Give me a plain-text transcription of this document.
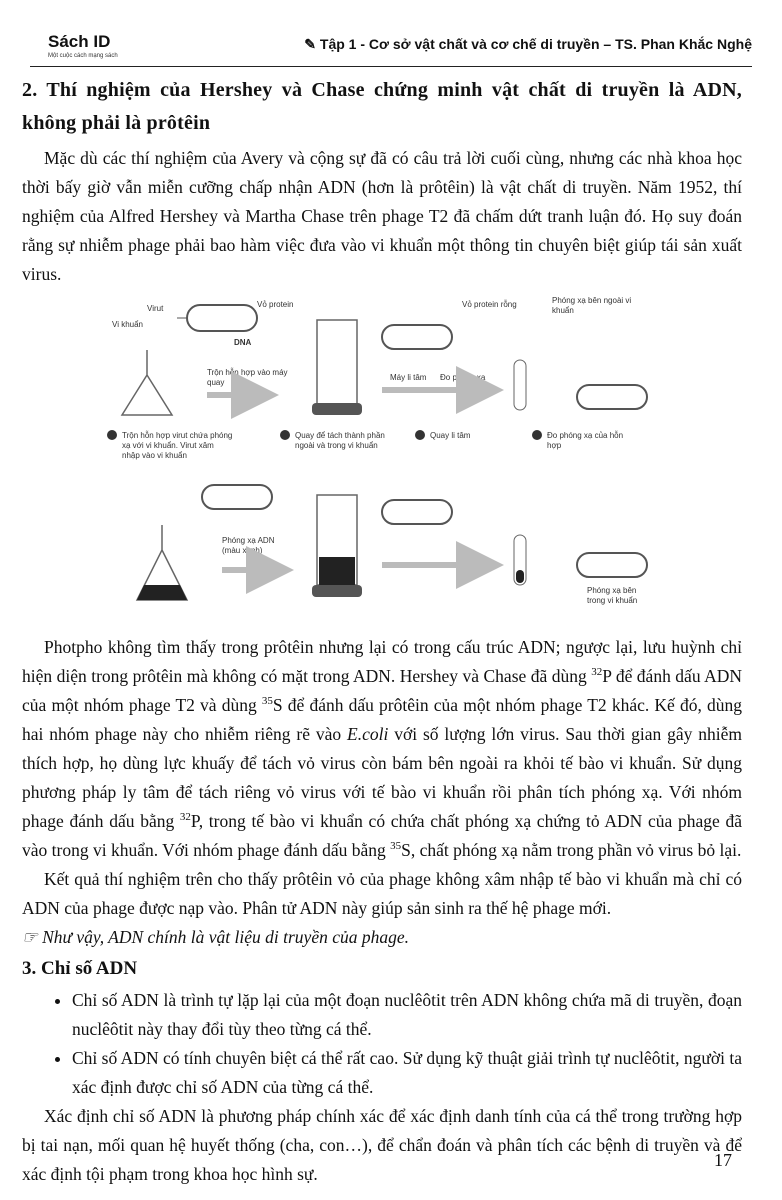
Sách ID
Một cuộc cách mạng sách
✎ Tập 1 - Cơ sở vật chất và cơ chế di truyền – TS. Phan Khắc Nghệ
2. Thí nghiệm của Hershey và Chase chứng minh vật chất di truyền là ADN, không phải là prôtêin

Mặc dù các thí nghiệm của Avery và cộng sự đã có câu trả lời cuối cùng, nhưng các nhà khoa học thời bấy giờ vẫn miễn cưỡng chấp nhận ADN (hơn là prôtêin) là vật chất di truyền. Năm 1952, thí nghiệm của Alfred Hershey và Martha Chase trên phage T2 đã chấm dứt tranh luận đó. Họ suy đoán rằng sự nhiễm phage phải bao hàm việc đưa vào vi khuẩn một thông tin chuyên biệt giúp tái sản xuất virus.

Virut	Vỏ protein
Vi khuẩn
DNA
Trộn hỗn hợp vào máy
quay
Vỏ protein rỗng	Phóng xạ bên ngoài vi
khuẩn
Máy li tâm Đo phóng xạ
Trộn hỗn hợp virut chứa phóng
xạ với vi khuẩn. Virut xâm
nhập vào vi khuẩn
Quay để tách thành phần
ngoài và trong vi khuẩn
Quay li tâm	Đo phóng xạ của hỗn
hợp
Phóng xạ ADN
(màu xanh)
Phóng xạ bên
trong vi khuẩn

Photpho không tìm thấy trong prôtêin nhưng lại có trong cấu trúc ADN; ngược lại, lưu huỳnh chỉ hiện diện trong prôtêin mà không có mặt trong ADN. Hershey và Chase đã dùng $^{32}$P để đánh dấu ADN của một nhóm phage T2 và dùng $^{35}$S để đánh dấu prôtêin của một nhóm phage T2 khác. Kế đó, dùng hai nhóm phage này cho nhiễm riêng rẽ vào E.coli với số lượng lớn virus. Sau thời gian gây nhiễm thích hợp, họ dùng lực khuấy để tách vỏ virus còn bám bên ngoài ra khỏi tế bào vi khuẩn. Sử dụng phương pháp ly tâm để tách riêng vỏ virus với tế bào vi khuẩn rồi phân tích phóng xạ. Với nhóm phage đánh dấu bằng $^{32}$P, trong tế bào vi khuẩn có chứa chất phóng xạ chứng tỏ ADN của phage đã vào trong vi khuẩn. Với nhóm phage đánh dấu bằng $^{35}$S, chất phóng xạ nằm trong phần vỏ virus bỏ lại.

Kết quả thí nghiệm trên cho thấy prôtêin vỏ của phage không xâm nhập tế bào vi khuẩn mà chỉ có ADN của phage được nạp vào. Phân tử ADN này giúp sản sinh ra thế hệ phage mới.

☞ Như vậy, ADN chính là vật liệu di truyền của phage.

3. Chỉ số ADN
• Chỉ số ADN là trình tự lặp lại của một đoạn nuclêôtit trên ADN không chứa mã di truyền, đoạn nuclêôtit này thay đổi tùy theo từng cá thể.
• Chỉ số ADN có tính chuyên biệt cá thể rất cao. Sử dụng kỹ thuật giải trình tự nuclêôtit, người ta xác định được chỉ số ADN của từng cá thể.

Xác định chỉ số ADN là phương pháp chính xác để xác định danh tính của cá thể trong trường hợp bị tai nạn, mối quan hệ huyết thống (cha, con…), để chẩn đoán và phân tích các bệnh di truyền và để xác định tội phạm trong khoa học hình sự.

17
